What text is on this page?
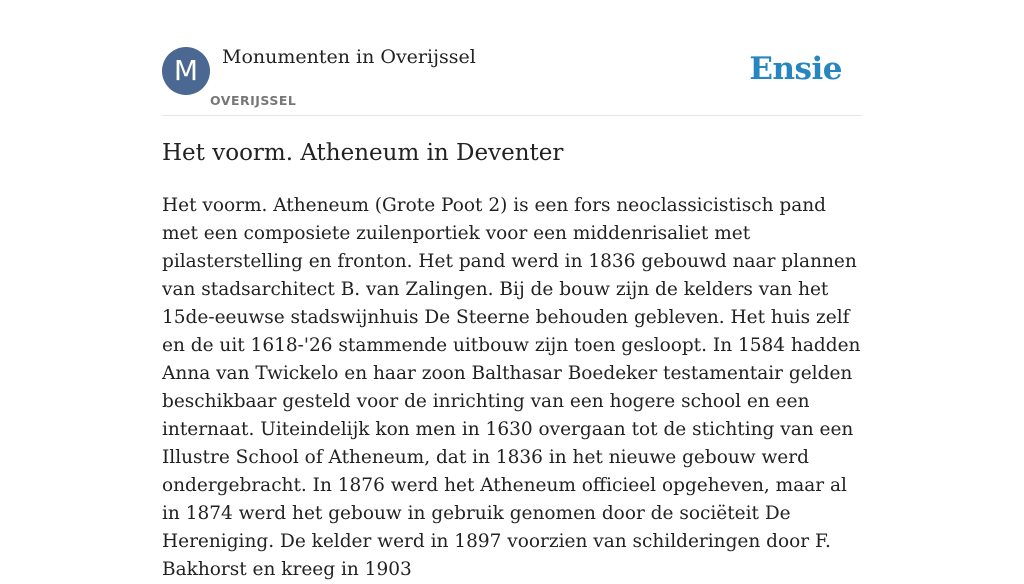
M	Monumenten in Overijssel
OVERIJSSEL
Ensie
Het voorm. Atheneum in Deventer

Het voorm. Atheneum (Grote Poot 2) is een fors neoclassicistisch pand met een composiete zuilenportiek voor een middenrisaliet met pilasterstelling en fronton. Het pand werd in 1836 gebouwd naar plannen van stadsarchitect B. van Zalingen. Bij de bouw zijn de kelders van het 15de-eeuwse stadswijnhuis De Steerne behouden gebleven. Het huis zelf en de uit 1618-'26 stammende uitbouw zijn toen gesloopt. In 1584 hadden Anna van Twickelo en haar zoon Balthasar Boedeker testamentair gelden beschikbaar gesteld voor de inrichting van een hogere school en een internaat. Uiteindelijk kon men in 1630 overgaan tot de stichting van een Illustre School of Atheneum, dat in 1836 in het nieuwe gebouw werd ondergebracht. In 1876 werd het Atheneum officieel opgeheven, maar al in 1874 werd het gebouw in gebruik genomen door de sociëteit De Hereniging. De kelder werd in 1897 voorzien van schilderingen door F. Bakhorst en kreeg in 1903
